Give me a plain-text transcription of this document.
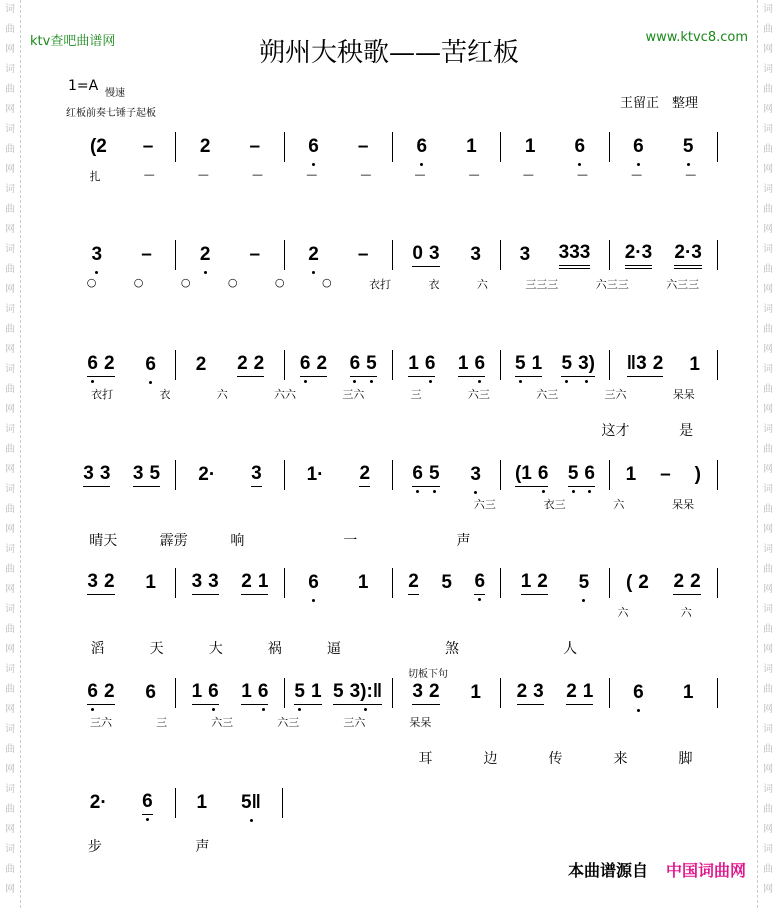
词
曲
网
词
曲
网
词
曲
网
词
曲
网
词
曲
网
词
曲
网
词
曲
网
词
曲
网
词
曲
网
词
曲
网
词
曲
网
词
曲
网
词
曲
网
词
曲
网
词
曲
网
词
曲
网
词
曲
网
词
曲
网
词
曲
网
词
曲
网
词
曲
网
词
曲
网
词
曲
网
词
曲
网
词
曲
网
词
曲
网
词
曲
网
词
曲
网
词
曲
网
词
曲
网
ktv查吧曲谱网	www.ktvc8.com
朔州大秧歌——苦红板
1=A 慢速
红板前奏七锤子起板
王留正　整理
切板下句
(2 – 2 –	6 –	6 1	1 6	6 5
扎	—	—	—	—	—	—	—	—	—	—	—
3 –	2 –	2 – 0 3 3 3 333 2·3 2·3
○	○	○	○	○	○	衣打	衣	六	三三三	六三三	六三三
6 2 6 2 2 2 6 2 6 5 1 6 1 6 5 1 5 3) ‖3 2 1
衣打	衣	六	六六	三六	三	六三	六三	三六	呆呆

这才	是
3 3 3 5 2· 3 1· 2 6 5 3 (1 6 5 6 1 – )
六三	衣三	六	呆呆
晴天	霹雳	响
　	一
　	声

3 2 1 3 3 2 1 6 1 2 5 6 1 2 5 ( 2 2 2
六	六
滔	天	大	祸	逼
　	煞
　	人

6 2 6 1 6 1 6 5 1 5 3):‖ 3 2 1 2 3 2 1 6 1
三六	三	六三	六三	三六	呆呆

耳	边	传	来	脚
2· 6 1 5‖
步
　	声

本曲谱源自 中国词曲网
